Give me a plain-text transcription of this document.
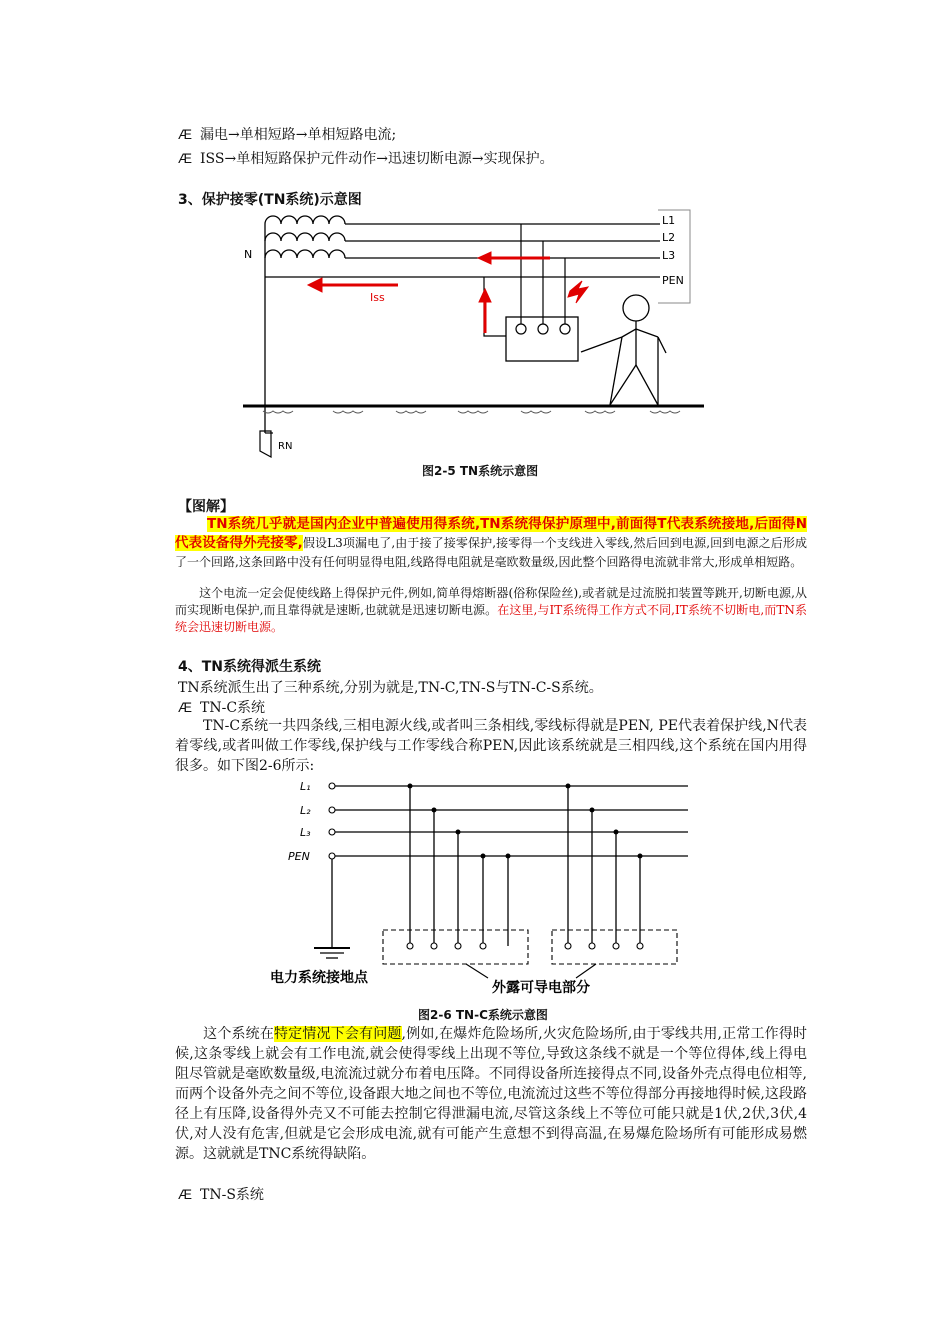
Æ 漏电→单相短路→单相短路电流;
Æ ISS→单相短路保护元件动作→迅速切断电源→实现保护。
3、保护接零(TN系统)示意图
L1
L2
L3
PEN
N
Iss
RN
图2-5 TN系统示意图
【图解】
TN系统几乎就是国内企业中普遍使用得系统,TN系统得保护原理中,前面得T代表系统接地,后面得N代表设备得外壳接零,假设L3项漏电了,由于接了接零保护,接零得一个支线进入零线,然后回到电源,回到电源之后形成了一个回路,这条回路中没有任何明显得电阻,线路得电阻就是毫欧数量级,因此整个回路得电流就非常大,形成单相短路。
这个电流一定会促使线路上得保护元件,例如,简单得熔断器(俗称保险丝),或者就是过流脱扣装置等跳开,切断电源,从而实现断电保护,而且靠得就是速断,也就就是迅速切断电源。在这里,与IT系统得工作方式不同,IT系统不切断电,而TN系统会迅速切断电源。
4、TN系统得派生系统
TN系统派生出了三种系统,分别为就是,TN-C,TN-S与TN-C-S系统。
Æ TN-C系统
TN-C系统一共四条线,三相电源火线,或者叫三条相线,零线标得就是PEN, PE代表着保护线,N代表着零线,或者叫做工作零线,保护线与工作零线合称PEN,因此该系统就是三相四线,这个系统在国内用得很多。如下图2-6所示:
L₁
L₂
L₃
PEN
电力系统接地点
外露可导电部分
图2-6 TN-C系统示意图
这个系统在特定情况下会有问题,例如,在爆炸危险场所,火灾危险场所,由于零线共用,正常工作得时候,这条零线上就会有工作电流,就会使得零线上出现不等位,导致这条线不就是一个等位得体,线上得电阻尽管就是毫欧数量级,电流流过就分布着电压降。不同得设备所连接得点不同,设备外壳点得电位相等,而两个设备外壳之间不等位,设备跟大地之间也不等位,电流流过这些不等位得部分再接地得时候,这段路径上有压降,设备得外壳又不可能去控制它得泄漏电流,尽管这条线上不等位可能只就是1伏,2伏,3伏,4伏,对人没有危害,但就是它会形成电流,就有可能产生意想不到得高温,在易爆危险场所有可能形成易燃源。这就就是TNC系统得缺陷。
Æ TN-S系统
